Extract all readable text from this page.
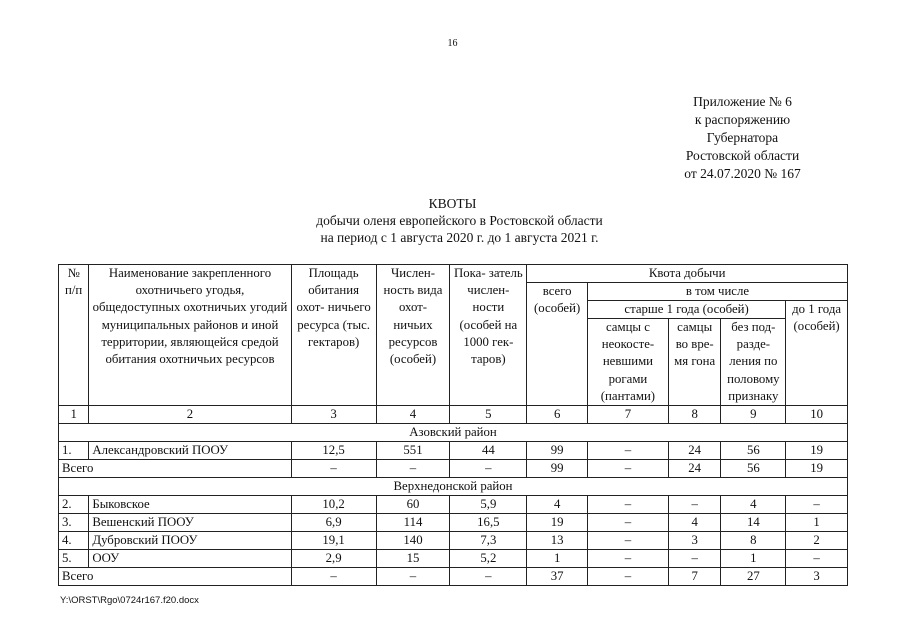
16
Приложение № 6
к распоряжению
Губернатора
Ростовской области
от 24.07.2020 № 167
КВОТЫ
добычи оленя европейского в Ростовской области
на период с 1 августа 2020 г. до 1 августа 2021 г.
№ п/п	Наименование закрепленного охотничьего угодья, общедоступных охотничьих угодий муниципальных районов и иной территории, являющейся средой обитания охотничьих ресурсов	Площадь обитания охот- ничьего ресурса (тыс. гектаров)	Числен- ность вида охот- ничьих ресурсов (особей)	Пока- затель числен- ности (особей на 1000 гек- таров)	Квота добычи				
					всего (особей)	в том числе			
						старше 1 года (особей)			до 1 года (особей)
						самцы с неокосте- невшими рогами (пантами)	самцы во вре- мя гона	без под- разде- ления по половому признаку	
1	2	3	4	5	6	7	8	9	10
Азовский район									
1.	Александровский ПООУ	12,5	551	44	99	–	24	56	19
Всего		–	–	–	99	–	24	56	19
Верхнедонской район									
2.	Быковское	10,2	60	5,9	4	–	–	4	–
3.	Вешенский ПООУ	6,9	114	16,5	19	–	4	14	1
4.	Дубровский ПООУ	19,1	140	7,3	13	–	3	8	2
5.	ООУ	2,9	15	5,2	1	–	–	1	–
Всего		–	–	–	37	–	7	27	3
Y:\ORST\Rgo\0724r167.f20.docx
